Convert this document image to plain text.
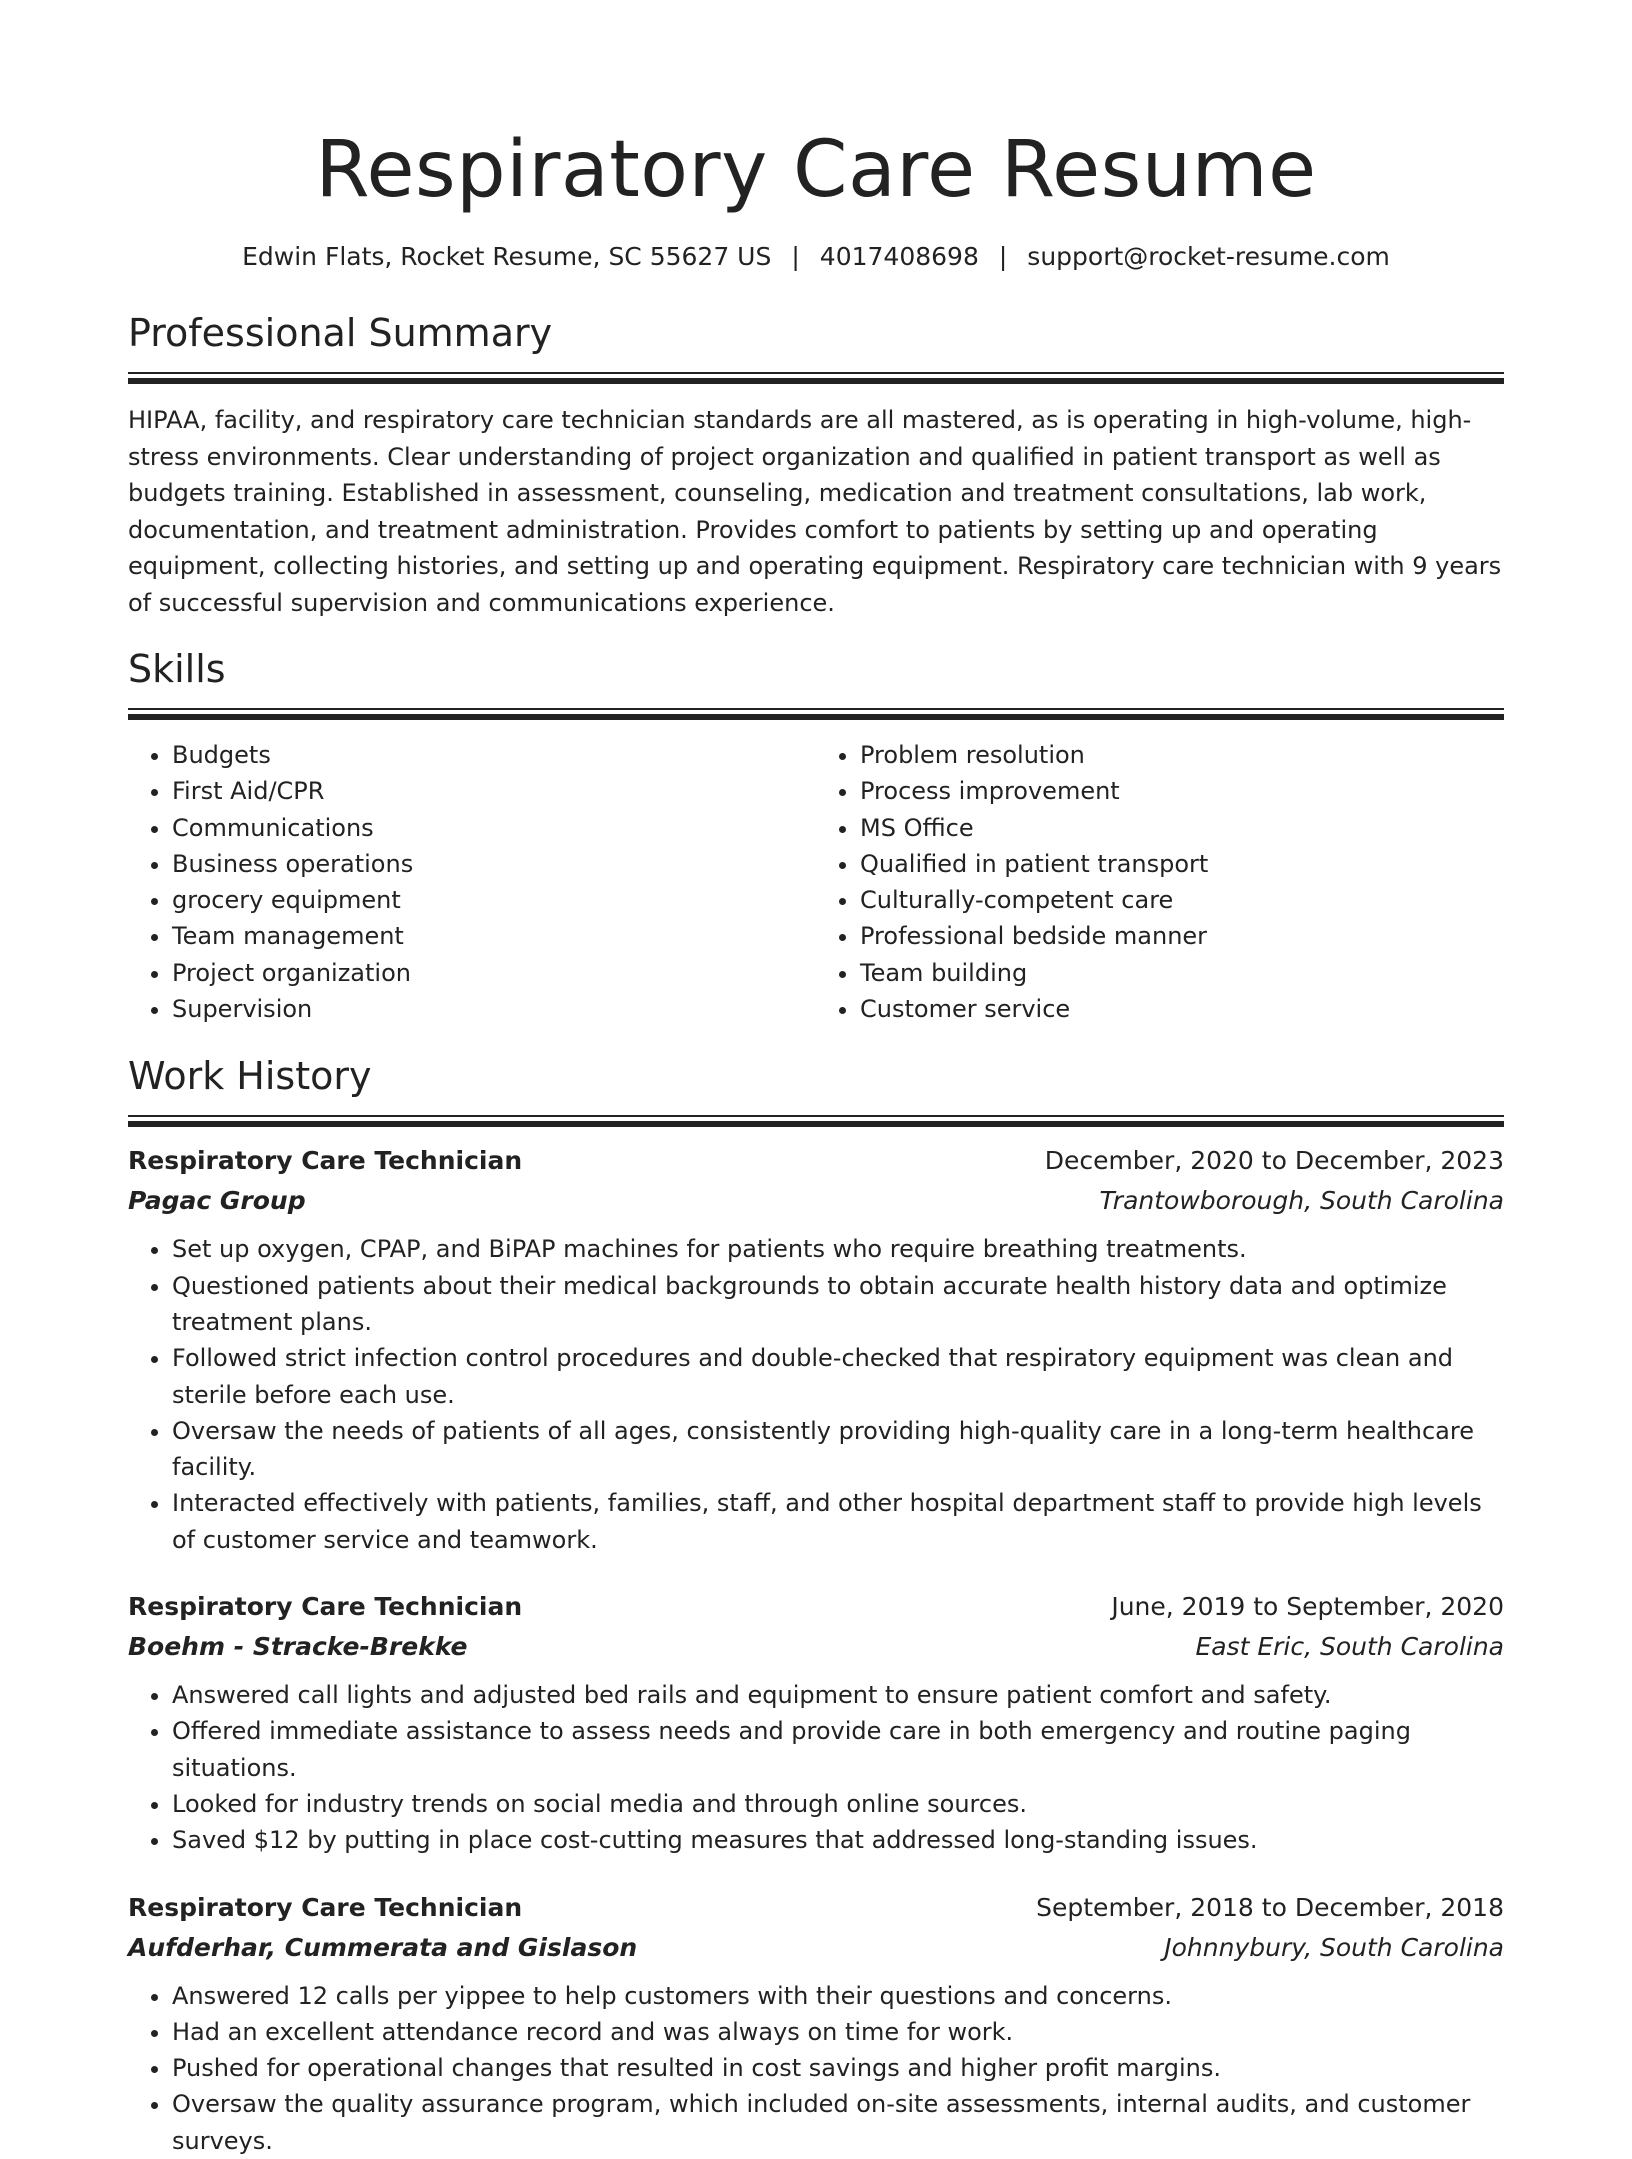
Respiratory Care Resume
Edwin Flats, Rocket Resume, SC 55627 US | 4017408698 | support@rocket-resume.com
Professional Summary

HIPAA, facility, and respiratory care technician standards are all mastered, as is operating in high-volume, high-stress environments. Clear understanding of project organization and qualified in patient transport as well as budgets training. Established in assessment, counseling, medication and treatment consultations, lab work, documentation, and treatment administration. Provides comfort to patients by setting up and operating equipment, collecting histories, and setting up and operating equipment. Respiratory care technician with 9 years of successful supervision and communications experience.

Skills
• Budgets
• First Aid/CPR
• Communications
• Business operations
• grocery equipment
• Team management
• Project organization
• Supervision
• Problem resolution
• Process improvement
• MS Office
• Qualified in patient transport
• Culturally-competent care
• Professional bedside manner
• Team building
• Customer service
Work History
Respiratory Care Technician	December, 2020 to December, 2023
Pagac Group	Trantowborough, South Carolina
• Set up oxygen, CPAP, and BiPAP machines for patients who require breathing treatments.
• Questioned patients about their medical backgrounds to obtain accurate health history data and optimize treatment plans.
• Followed strict infection control procedures and double-checked that respiratory equipment was clean and sterile before each use.
• Oversaw the needs of patients of all ages, consistently providing high-quality care in a long-term healthcare facility.
• Interacted effectively with patients, families, staff, and other hospital department staff to provide high levels of customer service and teamwork.
Respiratory Care Technician	June, 2019 to September, 2020
Boehm - Stracke-Brekke	East Eric, South Carolina
• Answered call lights and adjusted bed rails and equipment to ensure patient comfort and safety.
• Offered immediate assistance to assess needs and provide care in both emergency and routine paging situations.
• Looked for industry trends on social media and through online sources.
• Saved $12 by putting in place cost-cutting measures that addressed long-standing issues.
Respiratory Care Technician	September, 2018 to December, 2018
Aufderhar, Cummerata and Gislason	Johnnybury, South Carolina
• Answered 12 calls per yippee to help customers with their questions and concerns.
• Had an excellent attendance record and was always on time for work.
• Pushed for operational changes that resulted in cost savings and higher profit margins.
• Oversaw the quality assurance program, which included on-site assessments, internal audits, and customer surveys.
